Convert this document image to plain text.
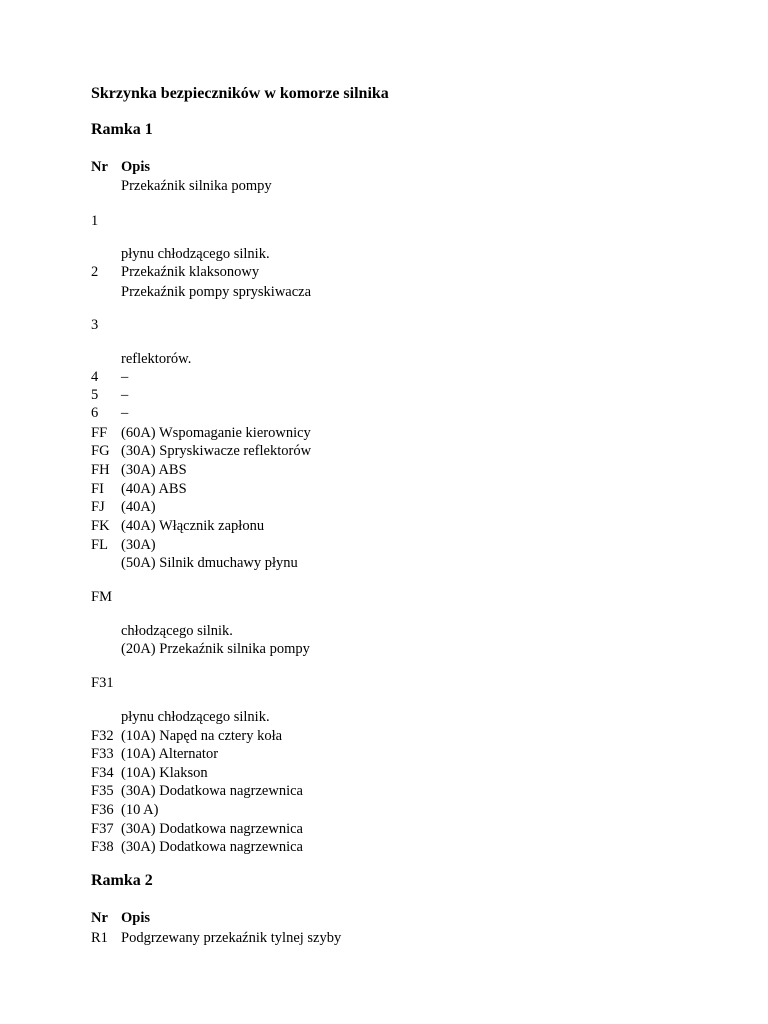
Skrzynka bezpieczników w komorze silnika
Ramka 1
Nr Opis
Przekaźnik silnika pompy
1
płynu chłodzącego silnik.
2 Przekaźnik klaksonowy
Przekaźnik pompy spryskiwacza
3
reflektorów.
4 –
5 –
6 –
FF (60A) Wspomaganie kierownicy
FG (30A) Spryskiwacze reflektorów
FH (30A) ABS
FI (40A) ABS
FJ (40A)
FK (40A) Włącznik zapłonu
FL (30A)
(50A) Silnik dmuchawy płynu
FM
chłodzącego silnik.
(20A) Przekaźnik silnika pompy
F31
płynu chłodzącego silnik.
F32 (10A) Napęd na cztery koła
F33 (10A) Alternator
F34 (10A) Klakson
F35 (30A) Dodatkowa nagrzewnica
F36 (10 A)
F37 (30A) Dodatkowa nagrzewnica
F38 (30A) Dodatkowa nagrzewnica
Ramka 2
Nr Opis
R1 Podgrzewany przekaźnik tylnej szyby
